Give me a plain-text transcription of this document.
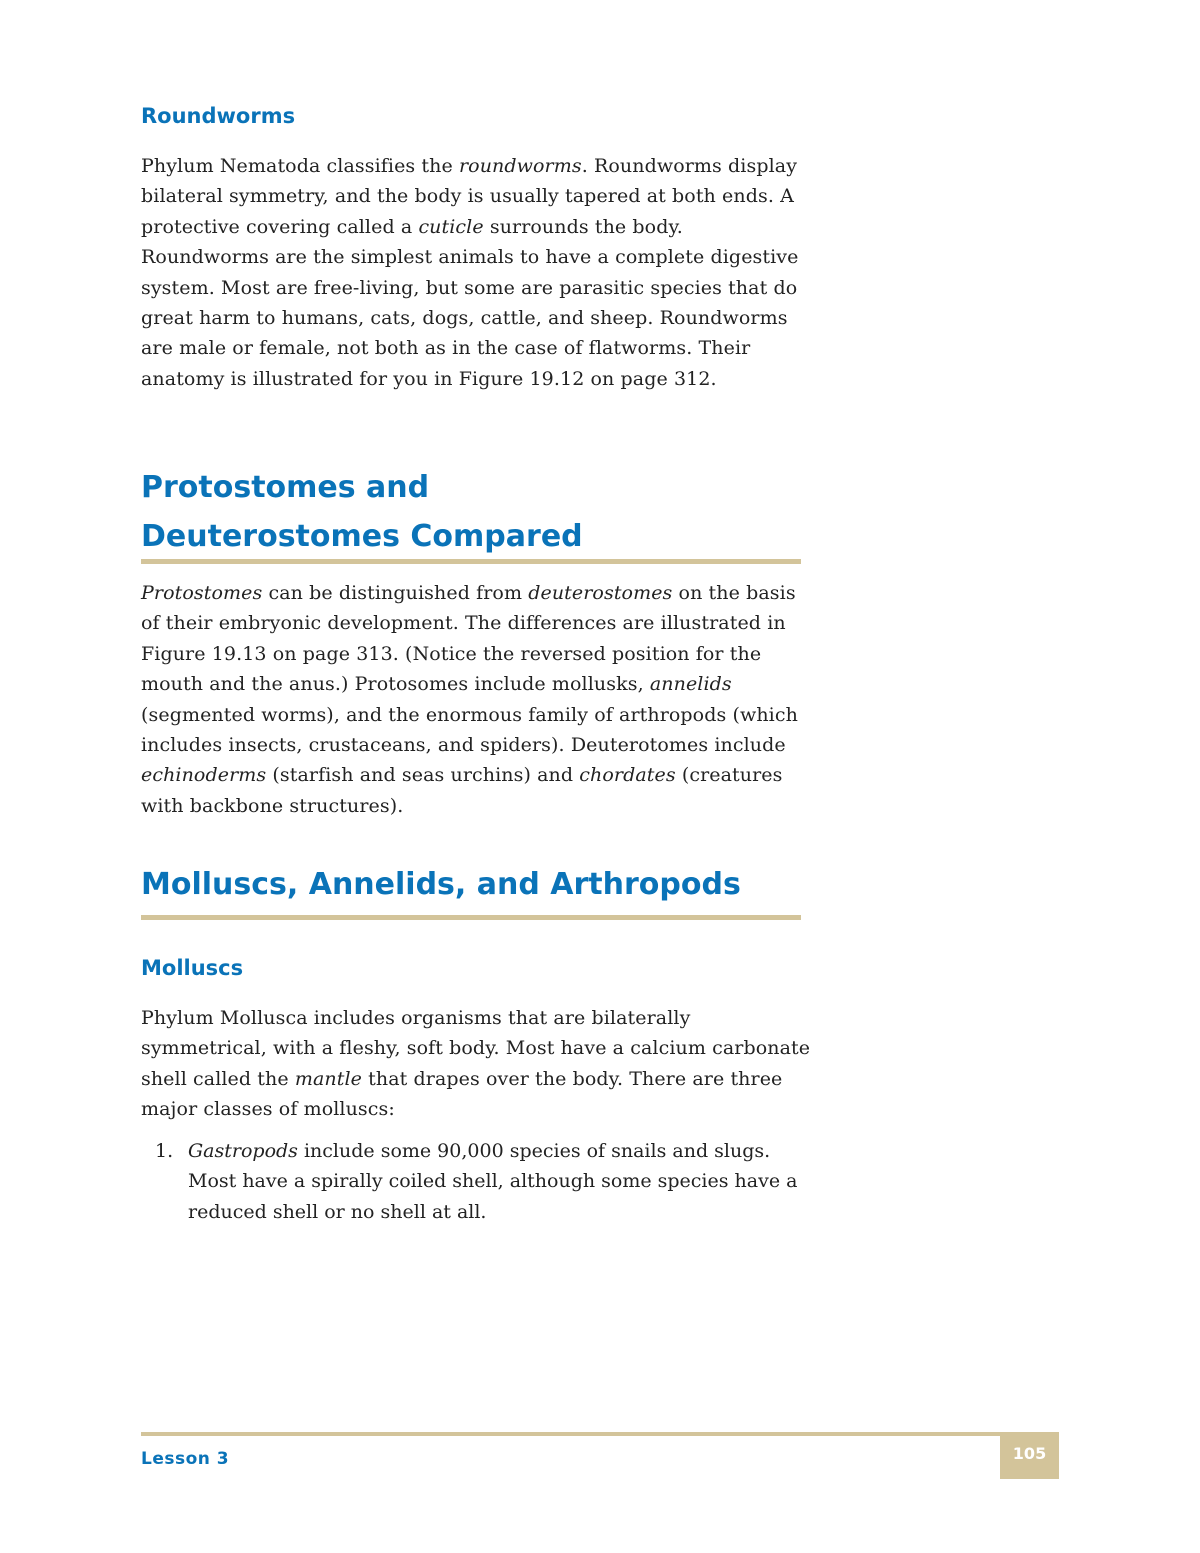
Roundworms

Phylum Nematoda classifies the roundworms. Roundworms display bilateral symmetry, and the body is usually tapered at both ends. A protective covering called a cuticle surrounds the body. Roundworms are the simplest animals to have a complete digestive system. Most are free-living, but some are parasitic species that do great harm to humans, cats, dogs, cattle, and sheep. Roundworms are male or female, not both as in the case of flatworms. Their anatomy is illustrated for you in Figure 19.12 on page 312.

Protostomes and
Deuterostomes Compared

Protostomes can be distinguished from deuterostomes on the basis of their embryonic development. The differences are illustrated in Figure 19.13 on page 313. (Notice the reversed position for the mouth and the anus.) Protosomes include mollusks, annelids (segmented worms), and the enormous family of arthropods (which includes insects, crustaceans, and spiders). Deuterotomes include echinoderms (starfish and seas urchins) and chordates (creatures with backbone structures).

Molluscs, Annelids, and Arthropods
Molluscs

Phylum Mollusca includes organisms that are bilaterally symmetrical, with a fleshy, soft body. Most have a calcium carbonate shell called the mantle that drapes over the body. There are three major classes of molluscs:

1. Gastropods include some 90,000 species of snails and slugs. Most have a spirally coiled shell, although some species have a reduced shell or no shell at all.

Lesson 3	105
